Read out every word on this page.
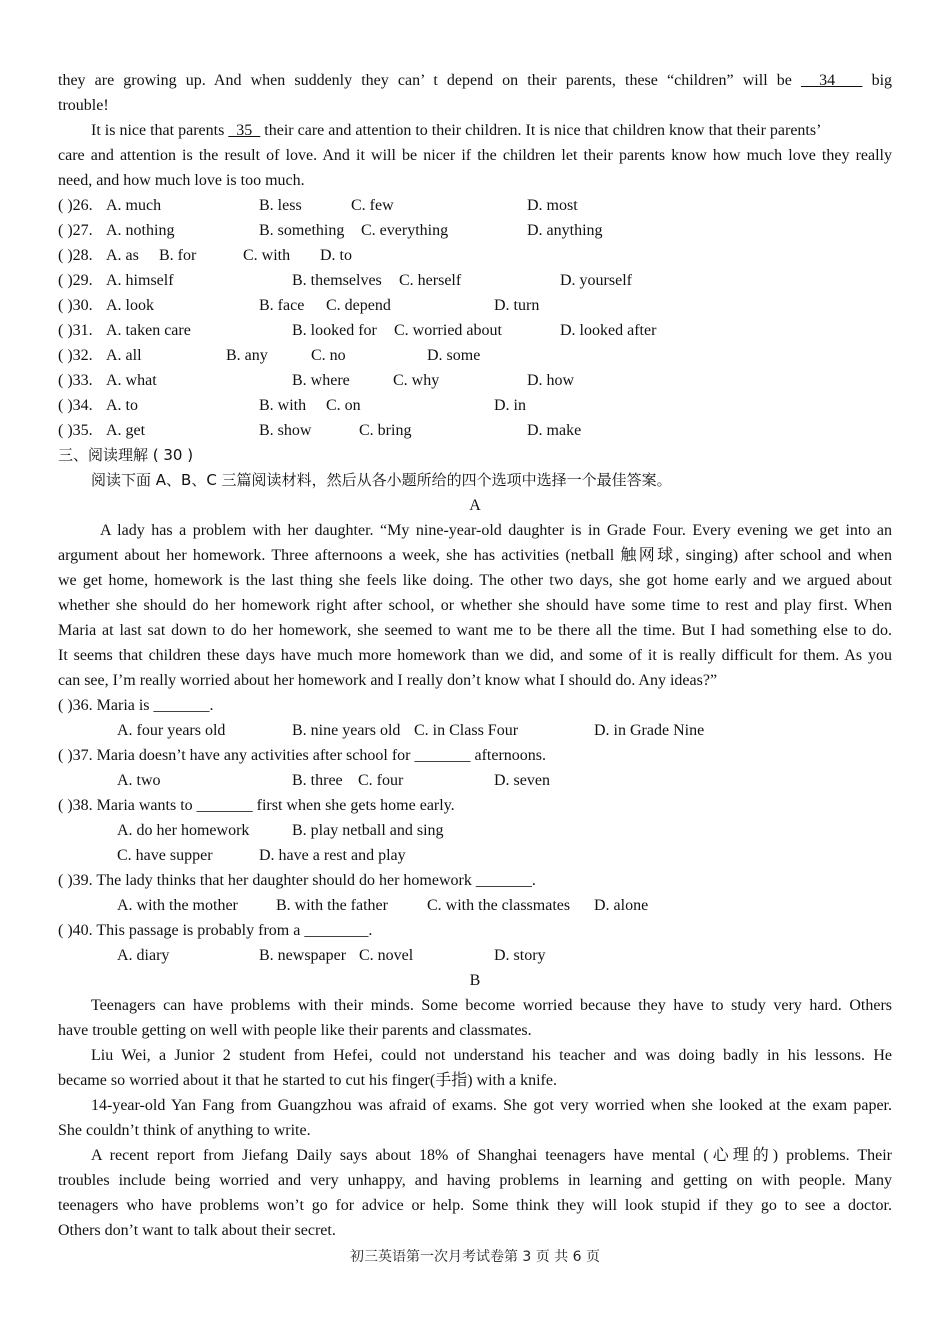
they are growing up. And when suddenly they can’ t depend on their parents, these “children” will be   34    big
trouble!
It is nice that parents   35   their care and attention to their children. It is nice that children know that their parents’
care and attention is the result of love. And it will be nicer if the children let their parents know how much love they really
need, and how much love is too much.
( )26. A. much	B. less	C. few	D. most
( )27. A. nothing	B. something C. everything	D. anything
( )28. A. as B. for	C. with D. to
( )29. A. himself	B. themselves C. herself	D. yourself
( )30. A. look	B. face C. depend	D. turn
( )31. A. taken care	B. looked for C. worried about	D. looked after
( )32. A. all	B. any	C. no	D. some
( )33. A. what	B. where	C. why	D. how
( )34. A. to	B. with C. on	D. in
( )35. A. get	B. show	C. bring	D. make
三、阅读理解 ( 30 )
阅读下面 A、B、C 三篇阅读材料，然后从各小题所给的四个选项中选择一个最佳答案。
A
A lady has a problem with her daughter. “My nine-year-old daughter is in Grade Four. Every evening we get into an
argument about her homework. Three afternoons a week, she has activities (netball 触网球, singing) after school and when
we get home, homework is the last thing she feels like doing. The other two days, she got home early and we argued about
whether she should do her homework right after school, or whether she should have some time to rest and play first. When
Maria at last sat down to do her homework, she seemed to want me to be there all the time. But I had something else to do.
It seems that children these days have much more homework than we did, and some of it is really difficult for them. As you
can see, I’m really worried about her homework and I really don’t know what I should do. Any ideas?”
( )36. Maria is _______.
A. four years old	B. nine years old C. in Class Four	D. in Grade Nine
( )37. Maria doesn’t have any activities after school for _______ afternoons.
A. two	B. three C. four	D. seven
( )38. Maria wants to _______ first when she gets home early.
A. do her homework	B. play netball and sing
C. have supper	D. have a rest and play
( )39. The lady thinks that her daughter should do her homework _______.
A. with the mother B. with the father C. with the classmates D. alone
( )40. This passage is probably from a ________.
A. diary	B. newspaper C. novel	D. story
B
Teenagers can have problems with their minds. Some become worried because they have to study very hard. Others
have trouble getting on well with people like their parents and classmates.
Liu Wei, a Junior 2 student from Hefei, could not understand his teacher and was doing badly in his lessons. He
became so worried about it that he started to cut his finger(手指) with a knife.
14-year-old Yan Fang from Guangzhou was afraid of exams. She got very worried when she looked at the exam paper.
She couldn’t think of anything to write.
A recent report from Jiefang Daily says about 18% of Shanghai teenagers have mental (心理的) problems. Their
troubles include being worried and very unhappy, and having problems in learning and getting on with people. Many
teenagers who have problems won’t go for advice or help. Some think they will look stupid if they go to see a doctor.
Others don’t want to talk about their secret.
初三英语第一次月考试卷第 3 页 共 6 页
